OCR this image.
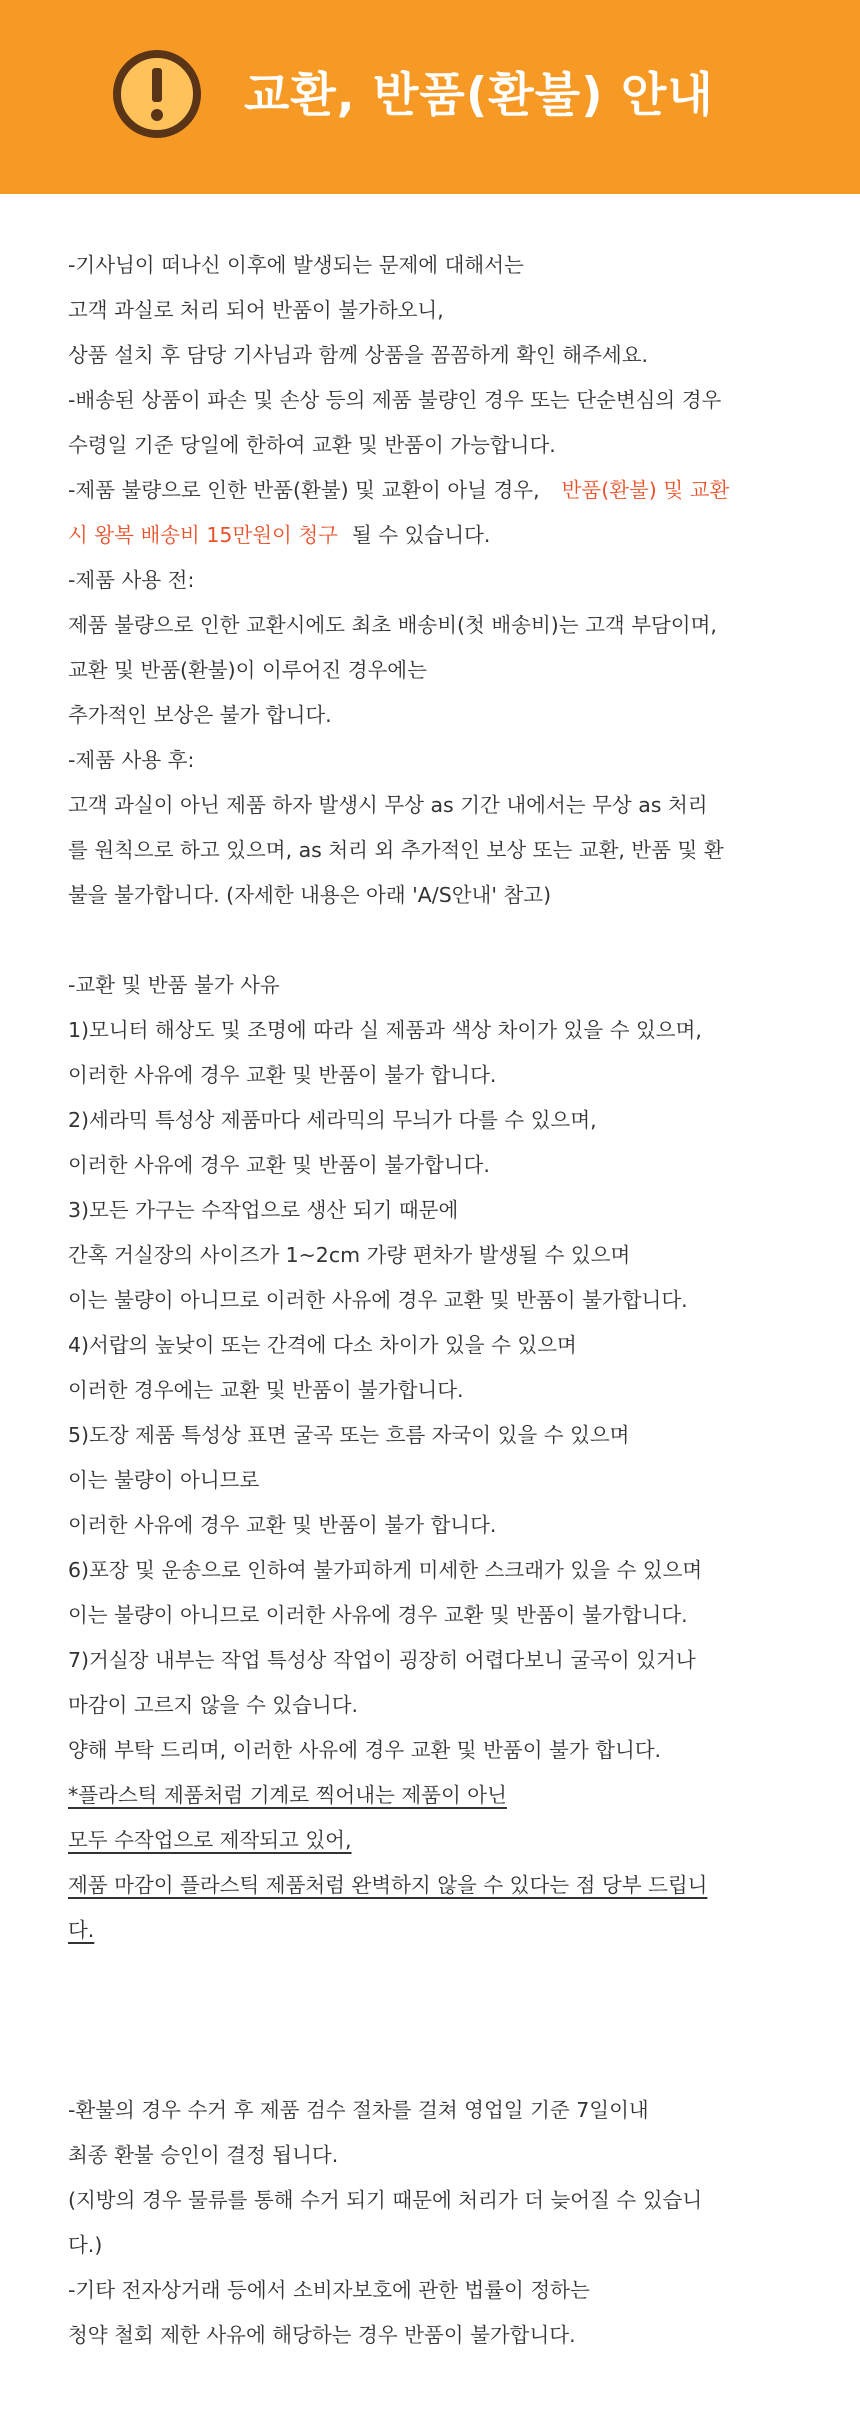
교환, 반품(환불) 안내
-기사님이 떠나신 이후에 발생되는 문제에 대해서는
고객 과실로 처리 되어 반품이 불가하오니,
상품 설치 후 담당 기사님과 함께 상품을 꼼꼼하게 확인 해주세요.
-배송된 상품이 파손 및 손상 등의 제품 불량인 경우 또는 단순변심의 경우
수령일 기준 당일에 한하여 교환 및 반품이 가능합니다.
-제품 불량으로 인한 반품(환불) 및 교환이 아닐 경우, 반품(환불) 및 교환
시 왕복 배송비 15만원이 청구 될 수 있습니다.
-제품 사용 전:
제품 불량으로 인한 교환시에도 최초 배송비(첫 배송비)는 고객 부담이며,
교환 및 반품(환불)이 이루어진 경우에는
추가적인 보상은 불가 합니다.
-제품 사용 후:
고객 과실이 아닌 제품 하자 발생시 무상 as 기간 내에서는 무상 as 처리
를 원칙으로 하고 있으며, as 처리 외 추가적인 보상 또는 교환, 반품 및 환
불을 불가합니다. (자세한 내용은 아래 'A/S안내' 참고)
-교환 및 반품 불가 사유
1)모니터 해상도 및 조명에 따라 실 제품과 색상 차이가 있을 수 있으며,
이러한 사유에 경우 교환 및 반품이 불가 합니다.
2)세라믹 특성상 제품마다 세라믹의 무늬가 다를 수 있으며,
이러한 사유에 경우 교환 및 반품이 불가합니다.
3)모든 가구는 수작업으로 생산 되기 때문에
간혹 거실장의 사이즈가 1~2cm 가량 편차가 발생될 수 있으며
이는 불량이 아니므로 이러한 사유에 경우 교환 및 반품이 불가합니다.
4)서랍의 높낮이 또는 간격에 다소 차이가 있을 수 있으며
이러한 경우에는 교환 및 반품이 불가합니다.
5)도장 제품 특성상 표면 굴곡 또는 흐름 자국이 있을 수 있으며
이는 불량이 아니므로
이러한 사유에 경우 교환 및 반품이 불가 합니다.
6)포장 및 운송으로 인하여 불가피하게 미세한 스크래가 있을 수 있으며
이는 불량이 아니므로 이러한 사유에 경우 교환 및 반품이 불가합니다.
7)거실장 내부는 작업 특성상 작업이 굉장히 어렵다보니 굴곡이 있거나
마감이 고르지 않을 수 있습니다.
양해 부탁 드리며, 이러한 사유에 경우 교환 및 반품이 불가 합니다.
*플라스틱 제품처럼 기계로 찍어내는 제품이 아닌
모두 수작업으로 제작되고 있어,
제품 마감이 플라스틱 제품처럼 완벽하지 않을 수 있다는 점 당부 드립니
다.
-환불의 경우 수거 후 제품 검수 절차를 걸쳐 영업일 기준 7일이내
최종 환불 승인이 결정 됩니다.
(지방의 경우 물류를 통해 수거 되기 때문에 처리가 더 늦어질 수 있습니
다.)
-기타 전자상거래 등에서 소비자보호에 관한 법률이 정하는
청약 철회 제한 사유에 해당하는 경우 반품이 불가합니다.
